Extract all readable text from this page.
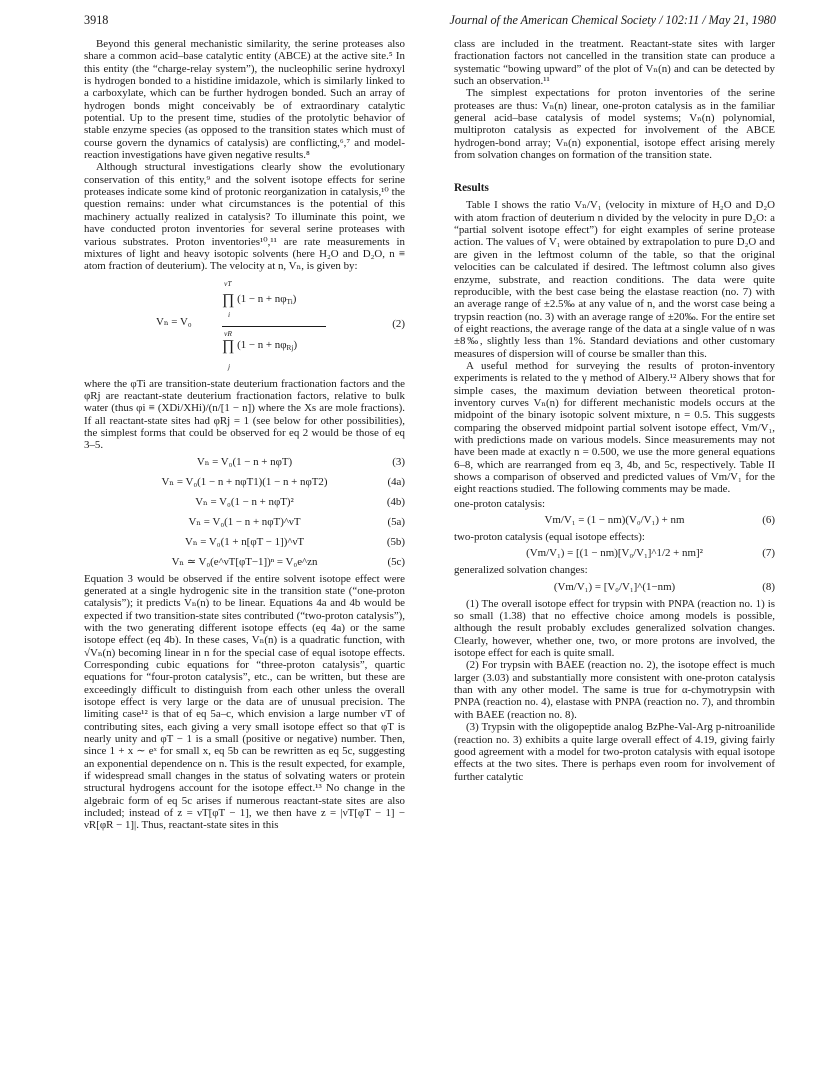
3918	Journal of the American Chemical Society / 102:11 / May 21, 1980

Beyond this general mechanistic similarity, the serine proteases also share a common acid–base catalytic entity (ABCE) at the active site.⁵ In this entity (the “charge-relay system”), the nucleophilic serine hydroxyl is hydrogen bonded to a histidine imidazole, which is similarly linked to a carboxylate, which can be further hydrogen bonded. Such an array of hydrogen bonds might conceivably be of extraordinary catalytic potential. Up to the present time, studies of the protolytic behavior of stable enzyme species (as opposed to the transition states which must of course govern the dynamics of catalysis) are conflicting,⁶,⁷ and model-reaction investigations have given negative results.⁸

Although structural investigations clearly show the evolutionary conservation of this entity,⁹ and the solvent isotope effects for serine proteases indicate some kind of protonic reorganization in catalysis,¹⁰ the question remains: under what circumstances is the potential of this machinery actually realized in catalysis? To illuminate this point, we have conducted proton inventories for several serine proteases with various substrates. Proton inventories¹⁰,¹¹ are rate measurements in mixtures of light and heavy isotopic solvents (here H₂O and D₂O, n ≡ atom fraction of deuterium). The velocity at n, Vₙ, is given by:

Vₙ = V₀
νT
i
∏ $(1 - n + n\varphi_{Ti})$
νR
∏ $(1 - n + n\varphi_{Rj})$
j
(2)

where the φTi are transition-state deuterium fractionation factors and the φRj are reactant-state deuterium fractionation factors, relative to bulk water (thus φi ≡ (XDi/XHi)/(n/[1 − n]) where the Xs are mole fractions). If all reactant-state sites had φRj = 1 (see below for other possibilities), the simplest forms that could be observed for eq 2 would be those of eq 3–5.

Vₙ = V₀(1 − n + nφT)	(3)
Vₙ = V₀(1 − n + nφT1)(1 − n + nφT2)	(4a)
Vₙ = V₀(1 − n + nφT)²	(4b)
Vₙ = V₀(1 − n + nφT)^νT	(5a)
Vₙ = V₀(1 + n[φT − 1])^νT	(5b)
Vₙ ≃ V₀(e^νT[φT−1])ⁿ = V₀e^zn	(5c)

Equation 3 would be observed if the entire solvent isotope effect were generated at a single hydrogenic site in the transition state (“one-proton catalysis”); it predicts Vₙ(n) to be linear. Equations 4a and 4b would be expected if two transition-state sites contributed (“two-proton catalysis”), with the two generating different isotope effects (eq 4a) or the same isotope effect (eq 4b). In these cases, Vₙ(n) is a quadratic function, with √Vₙ(n) becoming linear in n for the special case of equal isotope effects. Corresponding cubic equations for “three-proton catalysis”, quartic equations for “four-proton catalysis”, etc., can be written, but these are exceedingly difficult to distinguish from each other unless the overall isotope effect is very large or the data are of unusual precision. The limiting case¹² is that of eq 5a–c, which envision a large number νT of contributing sites, each giving a very small isotope effect so that φT is nearly unity and φT − 1 is a small (positive or negative) number. Then, since 1 + x ∼ eˣ for small x, eq 5b can be rewritten as eq 5c, suggesting an exponential dependence on n. This is the result expected, for example, if widespread small changes in the status of solvating waters or protein structural hydrogens account for the isotope effect.¹³ No change in the algebraic form of eq 5c arises if numerous reactant-state sites are also included; instead of z = νT[φT − 1], we then have z = |νT[φT − 1] − νR[φR − 1]|. Thus, reactant-state sites in this

class are included in the treatment. Reactant-state sites with larger fractionation factors not cancelled in the transition state can produce a systematic “bowing upward” of the plot of Vₙ(n) and can be detected by such an observation.¹¹

The simplest expectations for proton inventories of the serine proteases are thus: Vₙ(n) linear, one-proton catalysis as in the familiar general acid–base catalysis of model systems; Vₙ(n) polynomial, multiproton catalysis as expected for involvement of the ABCE hydrogen-bond array; Vₙ(n) exponential, isotope effect arising merely from solvation changes on formation of the transition state.

Results

Table I shows the ratio Vₙ/V₁ (velocity in mixture of H₂O and D₂O with atom fraction of deuterium n divided by the velocity in pure D₂O: a “partial solvent isotope effect”) for eight examples of serine protease action. The values of V₁ were obtained by extrapolation to pure D₂O and are given in the leftmost column of the table, so that the original velocities can be calculated if desired. The leftmost column also gives enzyme, substrate, and reaction conditions. The data were quite reproducible, with the best case being the elastase reaction (no. 7) with an average range of ±2.5‰ at any value of n, and the worst case being a trypsin reaction (no. 3) with an average range of ±20‰. For the entire set of eight reactions, the average range of the data at a single value of n was ±8‰, slightly less than 1%. Standard deviations and other customary measures of dispersion will of course be smaller than this.

A useful method for surveying the results of proton-inventory experiments is related to the γ method of Albery.¹² Albery shows that for simple cases, the maximum deviation between theoretical proton-inventory curves Vₙ(n) for different mechanistic models occurs at the midpoint of the binary isotopic solvent mixture, n = 0.5. This suggests comparing the observed midpoint partial solvent isotope effect, Vm/V₁, with predictions made on various models. Since measurements may not have been made at exactly n = 0.500, we use the more general equations 6–8, which are rearranged from eq 3, 4b, and 5c, respectively. Table II shows a comparison of observed and predicted values of Vm/V₁ for the eight reactions studied. The following comments may be made.

one-proton catalysis:
Vm/V₁ = (1 − nm)(V₀/V₁) + nm	(6)
two-proton catalysis (equal isotope effects):
(Vm/V₁) = [(1 − nm)[V₀/V₁]^1/2 + nm]²	(7)
generalized solvation changes:
(Vm/V₁) = [V₀/V₁]^(1−nm)	(8)

(1) The overall isotope effect for trypsin with PNPA (reaction no. 1) is so small (1.38) that no effective choice among models is possible, although the result probably excludes generalized solvation changes. Clearly, however, whether one, two, or more protons are involved, the isotope effect for each is quite small.

(2) For trypsin with BAEE (reaction no. 2), the isotope effect is much larger (3.03) and substantially more consistent with one-proton catalysis than with any other model. The same is true for α-chymotrypsin with PNPA (reaction no. 4), elastase with PNPA (reaction no. 7), and thrombin with BAEE (reaction no. 8).

(3) Trypsin with the oligopeptide analog BzPhe-Val-Arg p-nitroanilide (reaction no. 3) exhibits a quite large overall effect of 4.19, giving fairly good agreement with a model for two-proton catalysis with equal isotope effects at the two sites. There is perhaps even room for involvement of further catalytic
